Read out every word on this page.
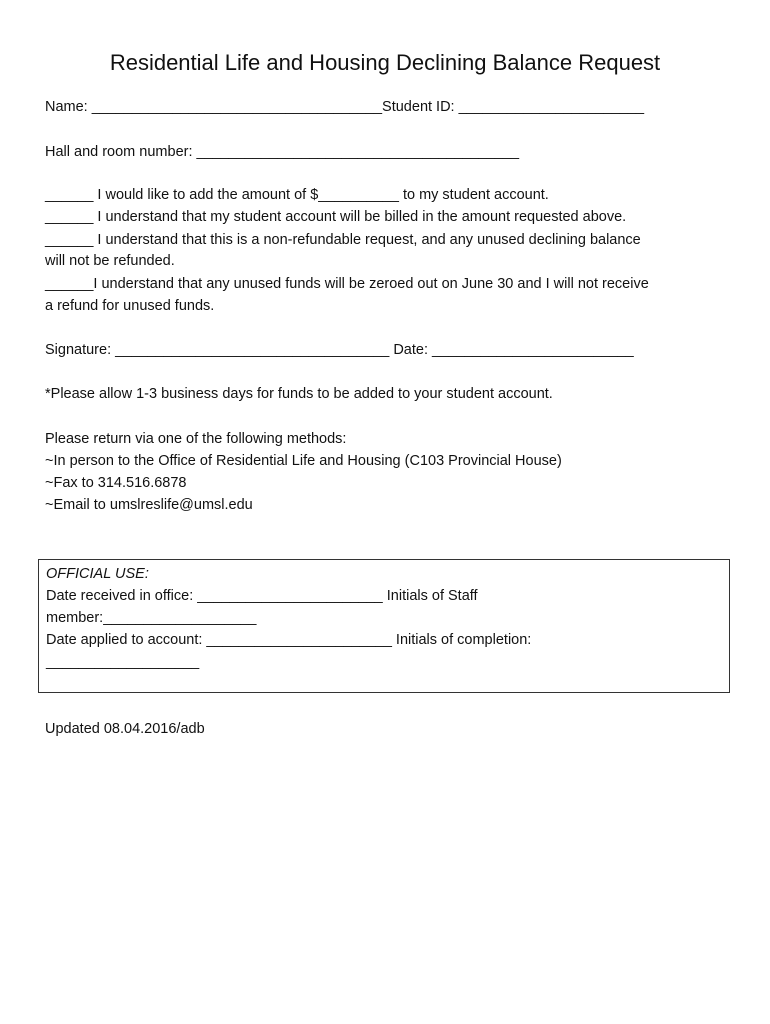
Residential Life and Housing Declining Balance Request
Name: ____________________________________Student ID: _______________________
Hall and room number: ________________________________________
______ I would like to add the amount of $__________ to my student account.
______ I understand that my student account will be billed in the amount requested above.
______ I understand that this is a non-refundable request, and any unused declining balance
will not be refunded.
______I understand that any unused funds will be zeroed out on June 30 and I will not receive
a refund for unused funds.
Signature: __________________________________ Date: _________________________
*Please allow 1-3 business days for funds to be added to your student account.
Please return via one of the following methods:
~In person to the Office of Residential Life and Housing (C103 Provincial House)
~Fax to 314.516.6878
~Email to umslreslife@umsl.edu
OFFICIAL USE:
Date received in office: _______________________ Initials of Staff
member:___________________
Date applied to account: _______________________ Initials of completion:
___________________
Updated 08.04.2016/adb
